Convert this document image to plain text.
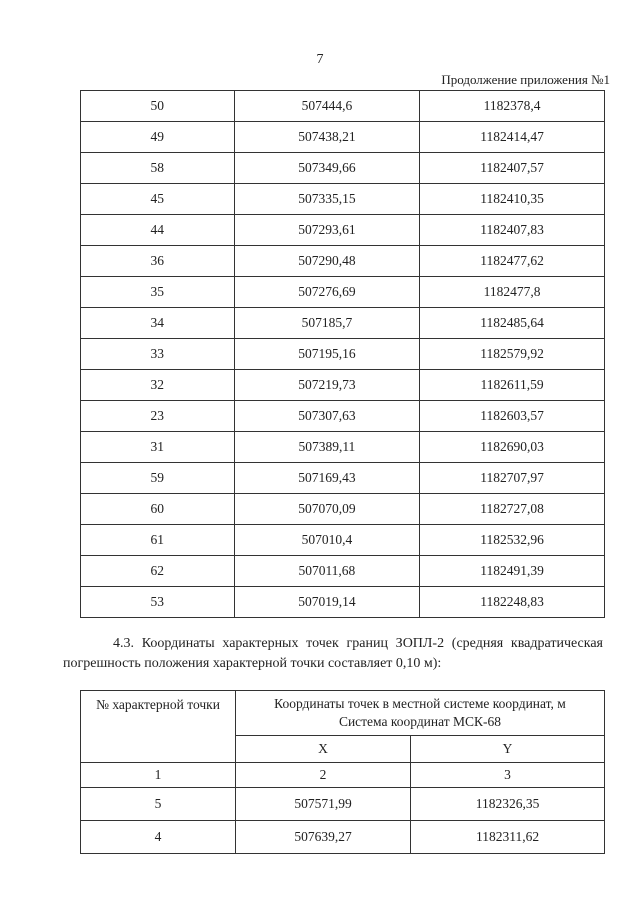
7
Продолжение приложения №1
50	507444,6	1182378,4
49	507438,21	1182414,47
58	507349,66	1182407,57
45	507335,15	1182410,35
44	507293,61	1182407,83
36	507290,48	1182477,62
35	507276,69	1182477,8
34	507185,7	1182485,64
33	507195,16	1182579,92
32	507219,73	1182611,59
23	507307,63	1182603,57
31	507389,11	1182690,03
59	507169,43	1182707,97
60	507070,09	1182727,08
61	507010,4	1182532,96
62	507011,68	1182491,39
53	507019,14	1182248,83
4.3. Координаты характерных точек границ ЗОПЛ-2 (средняя квадратическая погрешность положения характерной точки составляет 0,10 м):
№ характерной точки	Координаты точек в местной системе координат, м
Система координат МСК-68	
	X	Y
1	2	3
5	507571,99	1182326,35
4	507639,27	1182311,62
